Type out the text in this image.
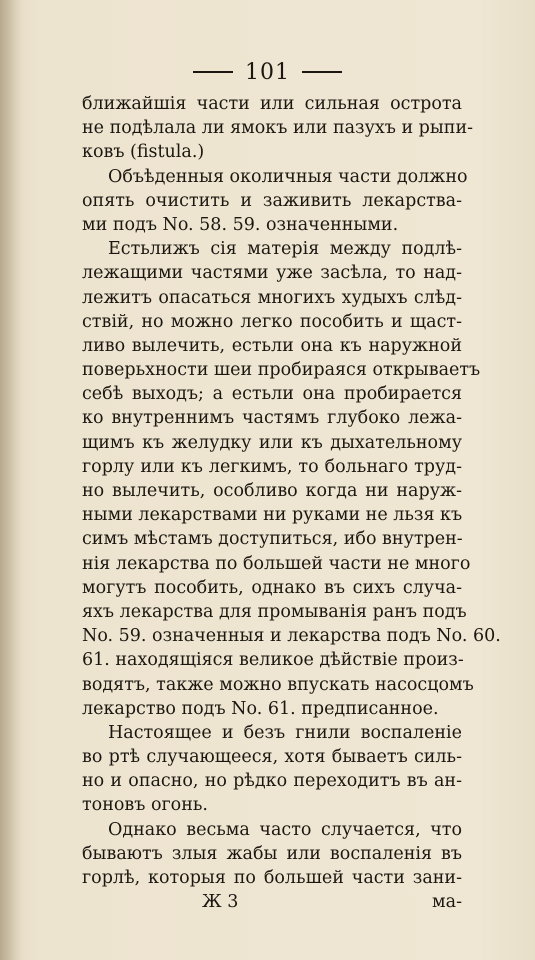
101
ближайшія части или сильная острота
не подѣлала ли ямокъ или пазухъ и рыпи-
ковъ (fistula.)
Объѣденныя околичныя части должно
опять очистить и заживить лекарства-
ми подъ No. 58. 59. означенными.
Естьлижъ сія матерія между подлѣ-
лежащими частями уже засѣла, то над-
лежитъ опасаться многихъ худыхъ слѣд-
ствій, но можно легко пособить и щаст-
ливо вылечить, естьли она къ наружной
поверьхности шеи пробираяся открываетъ
себѣ выходъ; а естьли она пробирается
ко внутреннимъ частямъ глубоко лежа-
щимъ къ желудку или къ дыхательному
горлу или къ легкимъ, то больнаго труд-
но вылечить, особливо когда ни наруж-
ными лекарствами ни руками не льзя къ
симъ мѣстамъ доступиться, ибо внутрен-
нія лекарства по большей части не много
могутъ пособить, однако въ сихъ случа-
яхъ лекарства для промыванія ранъ подъ
No. 59. означенныя и лекарства подъ No. 60.
61. находящіяся великое дѣйствіе произ-
водятъ, также можно впускать насосцомъ
лекарство подъ No. 61. предписанное.
Настоящее и безъ гнили воспаленіе
во ртѣ случающееся, хотя бываетъ силь-
но и опасно, но рѣдко переходитъ въ ан-
тоновъ огонь.
Однако весьма часто случается, что
бываютъ злыя жабы или воспаленія въ
горлѣ, которыя по большей части зани-
Ж 3	ма-
